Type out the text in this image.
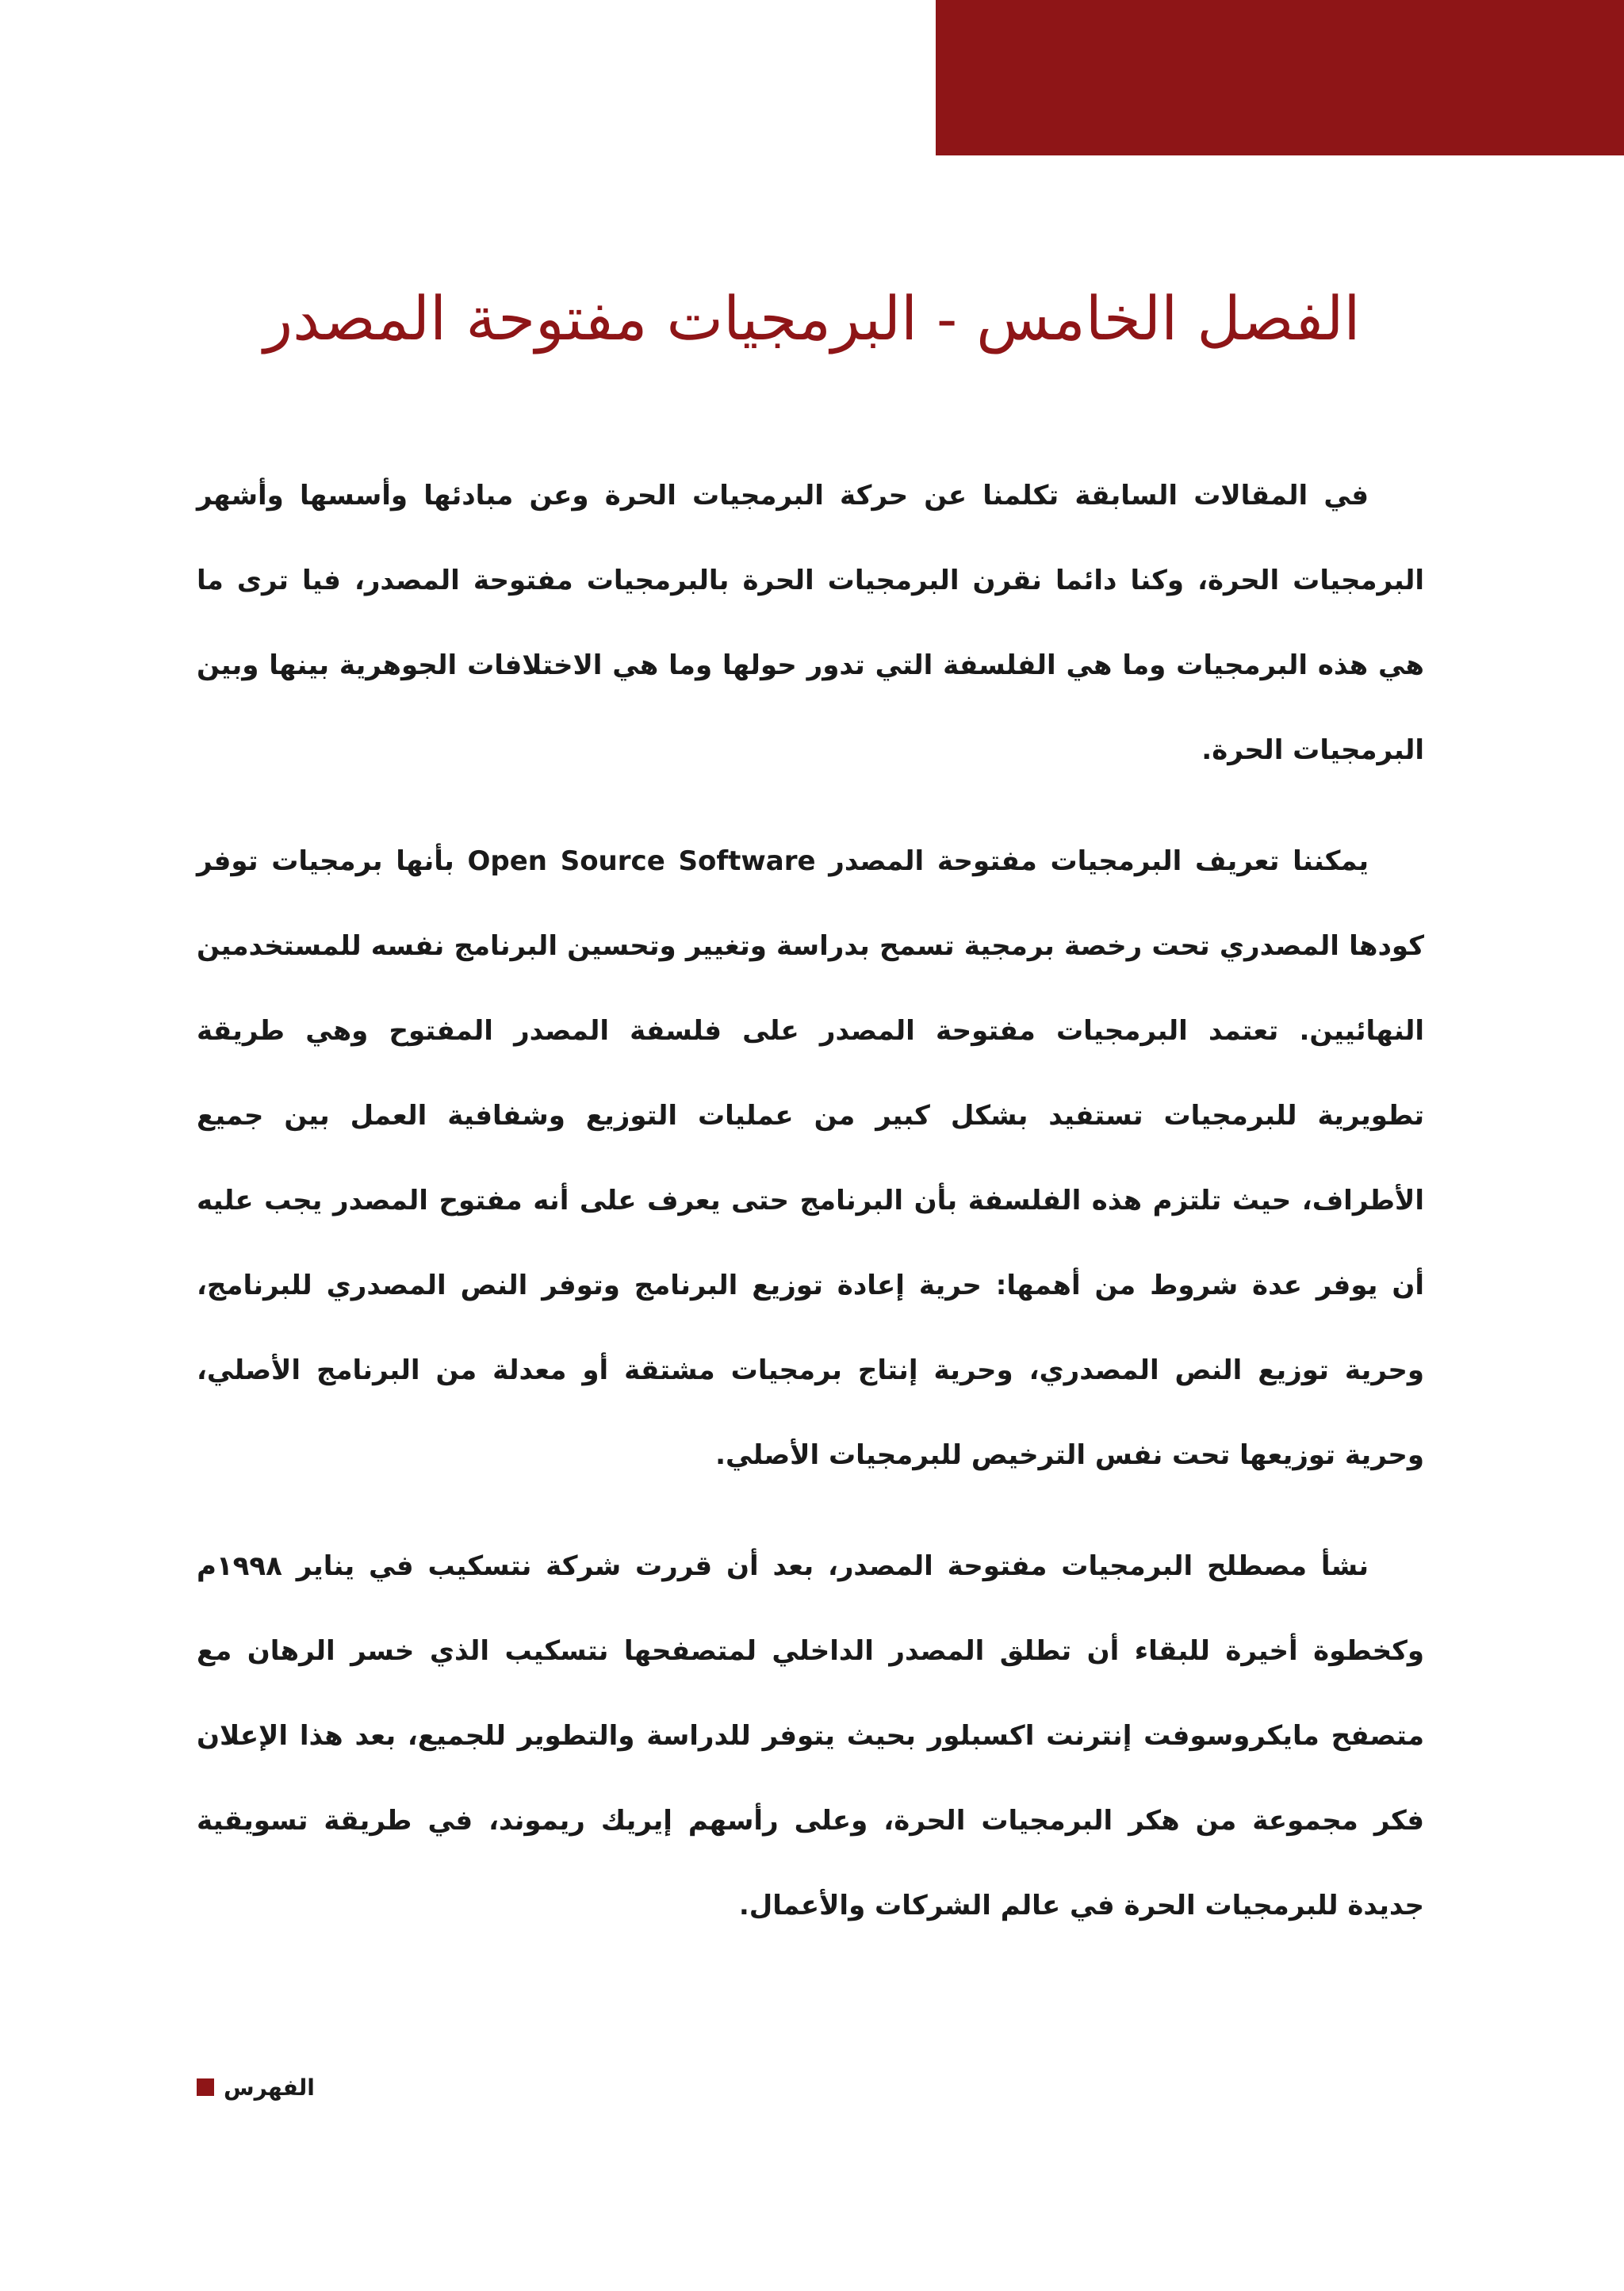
الفصل الخامس - البرمجيات مفتوحة المصدر

في المقالات السابقة تكلمنا عن حركة البرمجيات الحرة وعن مبادئها وأسسها وأشهر البرمجيات الحرة، وكنا دائما نقرن البرمجيات الحرة بالبرمجيات مفتوحة المصدر، فيا ترى ما هي هذه البرمجيات وما هي الفلسفة التي تدور حولها وما هي الاختلافات الجوهرية بينها وبين البرمجيات الحرة.

يمكننا تعريف البرمجيات مفتوحة المصدر Open Source Software بأنها برمجيات توفر كودها المصدري تحت رخصة برمجية تسمح بدراسة وتغيير وتحسين البرنامج نفسه للمستخدمين النهائيين. تعتمد البرمجيات مفتوحة المصدر على فلسفة المصدر المفتوح وهي طريقة تطويرية للبرمجيات تستفيد بشكل كبير من عمليات التوزيع وشفافية العمل بين جميع الأطراف، حيث تلتزم هذه الفلسفة بأن البرنامج حتى يعرف على أنه مفتوح المصدر يجب عليه أن يوفر عدة شروط من أهمها: حرية إعادة توزيع البرنامج وتوفر النص المصدري للبرنامج، وحرية توزيع النص المصدري، وحرية إنتاج برمجيات مشتقة أو معدلة من البرنامج الأصلي، وحرية توزيعها تحت نفس الترخيص للبرمجيات الأصلي.

نشأ مصطلح البرمجيات مفتوحة المصدر، بعد أن قررت شركة نتسكيب في يناير ١٩٩٨م وكخطوة أخيرة للبقاء أن تطلق المصدر الداخلي لمتصفحها نتسكيب الذي خسر الرهان مع متصفح مايكروسوفت إنترنت اكسبلور بحيث يتوفر للدراسة والتطوير للجميع، بعد هذا الإعلان فكر مجموعة من هكر البرمجيات الحرة، وعلى رأسهم إيريك ريموند، في طريقة تسويقية جديدة للبرمجيات الحرة في عالم الشركات والأعمال.

الفهرس
